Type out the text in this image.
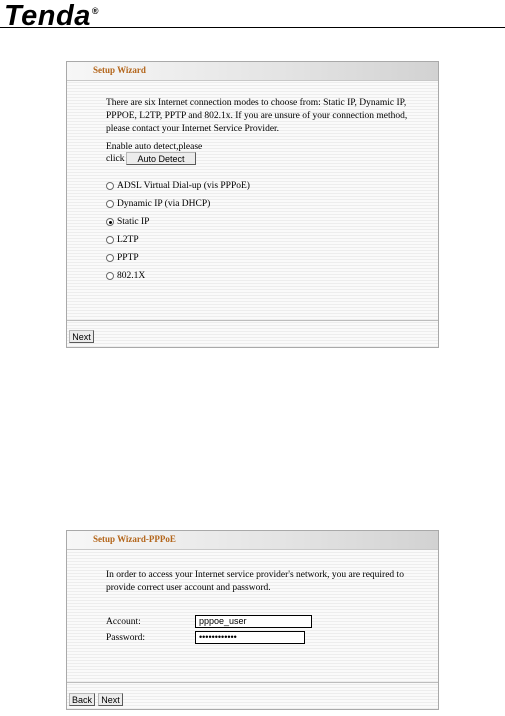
Tenda®
Setup Wizard
There are six Internet connection modes to choose from: Static IP, Dynamic IP,
PPPOE, L2TP, PPTP and 802.1x. If you are unsure of your connection method,
please contact your Internet Service Provider.
Enable auto detect,please
click	Auto Detect
ADSL Virtual Dial-up (vis PPPoE)
Dynamic IP (via DHCP)
Static IP
L2TP
PPTP
802.1X
Next
Setup Wizard-PPPoE
In order to access your Internet service provider's network, you are required to
provide correct user account and password.
Account:	pppoe_user
Password:	••••••••••••
Back	Next
